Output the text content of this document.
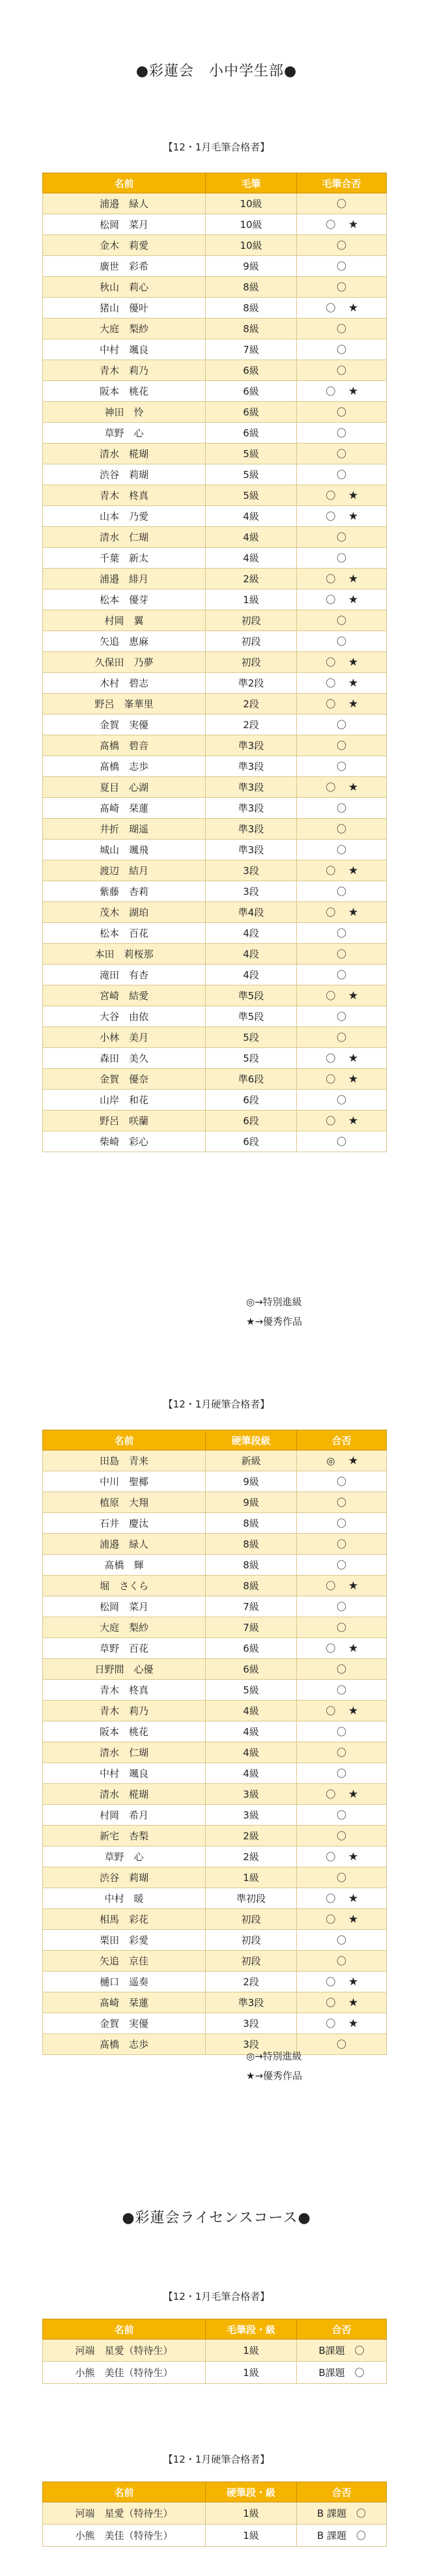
●彩蓮会　小中学生部●
【12・1月毛筆合格者】
名前	毛筆	毛筆合否
浦邉　緑人	10級	〇
松岡　菜月	10級	〇 ★
金木　莉愛	10級	〇
廣世　彩希	9級	〇
秋山　莉心	8級	〇
猪山　優叶	8級	〇 ★
大庭　梨紗	8級	〇
中村　颯良	7級	〇
青木　莉乃	6級	〇
阪本　桃花	6級	〇 ★
神田　怜	6級	〇
草野　心	6級	〇
清水　椛瑚	5級	〇
渋谷　莉瑚	5級	〇
青木　柊真	5級	〇 ★
山本　乃愛	4級	〇 ★
清水　仁瑚	4級	〇
千葉　新太	4級	〇
浦邉　緋月	2級	〇 ★
松本　優芽	1級	〇 ★
村岡　翼	初段	〇
矢追　恵麻	初段	〇
久保田　乃夢	初段	〇 ★
木村　碧志	準2段	〇 ★
野呂　峯華里	2段	〇 ★
金賀　実優	2段	〇
髙橋　碧音	準3段	〇
髙橋　志歩	準3段	〇
夏目　心湖	準3段	〇 ★
髙崎　栞蓮	準3段	〇
井折　瑚遥	準3段	〇
城山　颯飛	準3段	〇
渡辺　結月	3段	〇 ★
紫藤　杏莉	3段	〇
茂木　湖珀	準4段	〇 ★
松本　百花	4段	〇
本田　莉桜那	4段	〇
滝田　有杏	4段	〇
宮崎　結愛	準5段	〇 ★
大谷　由依	準5段	〇
小林　美月	5段	〇
森田　美久	5段	〇 ★
金賀　優奈	準6段	〇 ★
山岸　和花	6段	〇
野呂　咲蘭	6段	〇 ★
柴崎　彩心	6段	〇
◎→特別進級
★→優秀作品
【12・1月硬筆合格者】
名前	硬筆段級	合否
田島　青来	新級	◎ ★
中川　聖椰	9級	〇
植原　大翔	9級	〇
石井　慶汰	8級	〇
浦邉　緑人	8級	〇
髙橋　輝	8級	〇
堀　さくら	8級	〇 ★
松岡　菜月	7級	〇
大庭　梨紗	7級	〇
草野　百花	6級	〇 ★
日野間　心優	6級	〇
青木　柊真	5級	〇
青木　莉乃	4級	〇 ★
阪本　桃花	4級	〇
清水　仁瑚	4級	〇
中村　颯良	4級	〇
清水　椛瑚	3級	〇 ★
村岡　希月	3級	〇
新宅　杏梨	2級	〇
草野　心	2級	〇 ★
渋谷　莉瑚	1級	〇
中村　暖	準初段	〇 ★
相馬　彩花	初段	〇 ★
栗田　彩愛	初段	〇
矢追　京佳	初段	〇
樋口　遥奏	2段	〇 ★
髙崎　栞蓮	準3段	〇 ★
金賀　実優	3段	〇 ★
髙橋　志歩	3段	〇
◎→特別進級
★→優秀作品
●彩蓮会ライセンスコース●
【12・1月毛筆合格者】
名前	毛筆段・級	合否
河端　星愛（特待生）	1級	B課題　〇
小熊　美佳（特待生）	1級	B課題　〇
【12・1月硬筆合格者】
名前	硬筆段・級	合否
河端　星愛（特待生）	1級	B 課題　〇
小熊　美佳（特待生）	1級	B 課題　〇
